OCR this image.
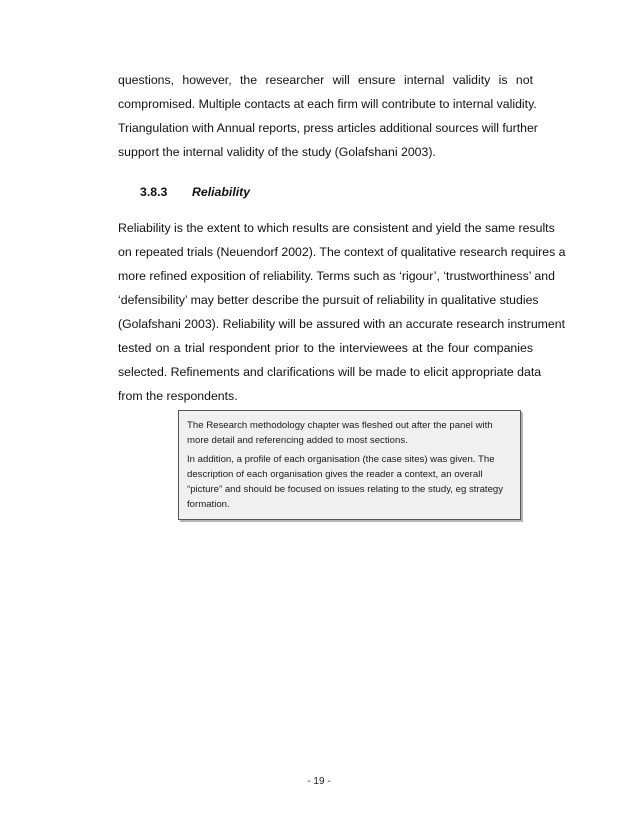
questions, however, the researcher will ensure internal validity is not
compromised. Multiple contacts at each firm will contribute to internal validity.
Triangulation with Annual reports, press articles additional sources will further
support the internal validity of the study (Golafshani 2003).
3.8.3 Reliability
Reliability is the extent to which results are consistent and yield the same results
on repeated trials (Neuendorf 2002). The context of qualitative research requires a
more refined exposition of reliability. Terms such as ‘rigour’, ‘trustworthiness’ and
‘defensibility’ may better describe the pursuit of reliability in qualitative studies
(Golafshani 2003). Reliability will be assured with an accurate research instrument
tested on a trial respondent prior to the interviewees at the four companies
selected. Refinements and clarifications will be made to elicit appropriate data
from the respondents.

The Research methodology chapter was fleshed out after the panel with
more detail and referencing added to most sections.

In addition, a profile of each organisation (the case sites) was given. The
description of each organisation gives the reader a context, an overall
“picture” and should be focused on issues relating to the study, eg strategy
formation.

- 19 -
